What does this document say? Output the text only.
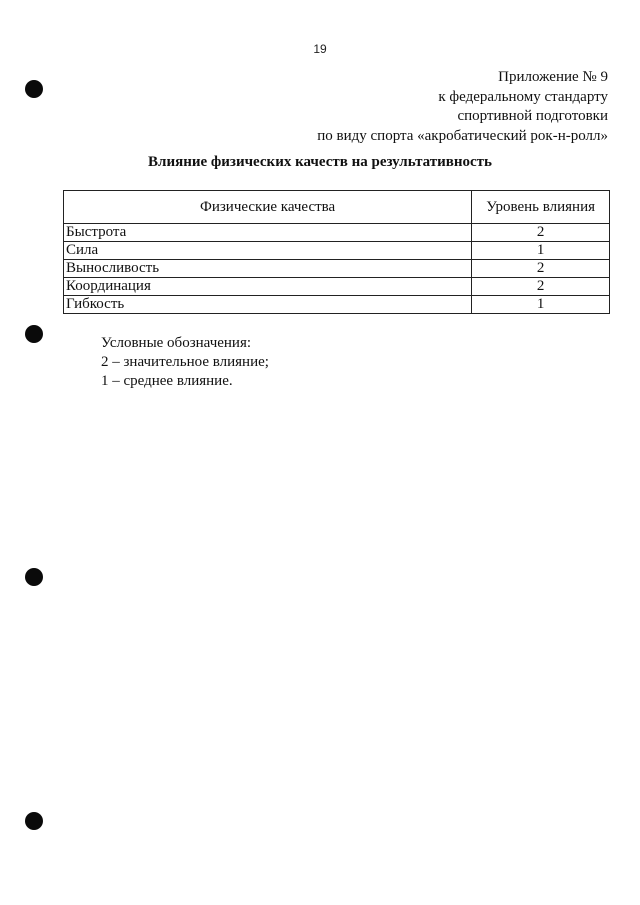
19
Приложение № 9
к федеральному стандарту
спортивной подготовки
по виду спорта «акробатический рок-н-ролл»
Влияние физических качеств на результативность
Физические качества	Уровень влияния
Быстрота	2
Сила	1
Выносливость	2
Координация	2
Гибкость	1
Условные обозначения:
2 – значительное влияние;
1 – среднее влияние.
